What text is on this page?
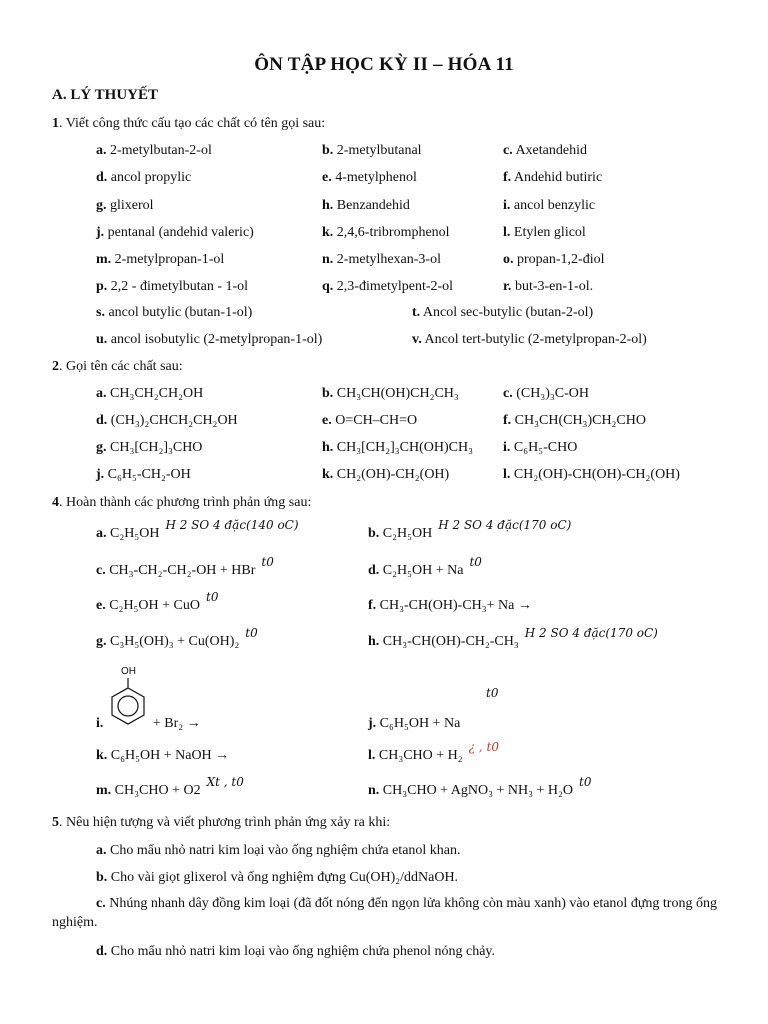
ÔN TẬP HỌC KỲ II – HÓA 11
A. LÝ THUYẾT
1. Viết công thức cấu tạo các chất có tên gọi sau:
a. 2-metylbutan-2-ol	b. 2-metylbutanal	c. Axetandehid
d. ancol propylic	e. 4-metylphenol	f. Andehid butiric
g. glixerol	h. Benzandehid	i. ancol benzylic
j. pentanal (andehid valeric)	k. 2,4,6-tribromphenol	l. Etylen glicol
m. 2-metylpropan-1-ol	n. 2-metylhexan-3-ol	o. propan-1,2-điol
p. 2,2 - đimetylbutan - 1-ol	q. 2,3-đimetylpent-2-ol	r. but-3-en-1-ol.
s. ancol butylic (butan-1-ol)	t. Ancol sec-butylic (butan-2-ol)
u. ancol isobutylic (2-metylpropan-1-ol)	v. Ancol tert-butylic (2-metylpropan-2-ol)
2. Gọi tên các chất sau:
a. CH₃CH₂CH₂OH	b. CH₃CH(OH)CH₂CH₃	c. (CH₃)₃C-OH
d. (CH₃)₂CHCH₂CH₂OH	e. O=CH–CH=O	f. CH₃CH(CH₃)CH₂CHO
g. CH₃[CH₂]₃CHO	h. CH₃[CH₂]₃CH(OH)CH₃ i. C₆H₅-CHO
j. C₆H₅-CH₂-OH	k. CH₂(OH)-CH₂(OH)	l. CH₂(OH)-CH(OH)-CH₂(OH)
4. Hoàn thành các phương trình phản ứng sau:
a. C₂H₅OHH 2 SO 4 đặc(140 oC)
b. C₂H₅OHH 2 SO 4 đặc(170 oC)
c. CH₃-CH₂-CH₂-OH + HBrt0
d. C₂H₅OH + Nat0
e. C₂H₅OH + CuOt0
f. CH₃-CH(OH)-CH₃+ Na →
g. C₃H₅(OH)₃ + Cu(OH)₂t0
h. CH₃-CH(OH)-CH₂-CH₃H 2 SO 4 đặc(170 oC)
OH
i.	+ Br₂ →	j. C₆H₅OH + Na
t0
k. C₆H₅OH + NaOH →	l. CH₃CHO + H₂¿ , t0
m. CH₃CHO + O2Xt , t0
n. CH₃CHO + AgNO₃ + NH₃ + H₂Ot0
5. Nêu hiện tượng và viết phương trình phản ứng xảy ra khi:
a. Cho mẩu nhỏ natri kim loại vào ống nghiệm chứa etanol khan.
b. Cho vài giọt glixerol và ống nghiệm đựng Cu(OH)₂/ddNaOH.
c. Nhúng nhanh dây đồng kim loại (đã đốt nóng đến ngọn lửa không còn màu xanh) vào etanol đựng trong ống nghiệm.
d. Cho mẩu nhỏ natri kim loại vào ống nghiệm chứa phenol nóng chảy.
